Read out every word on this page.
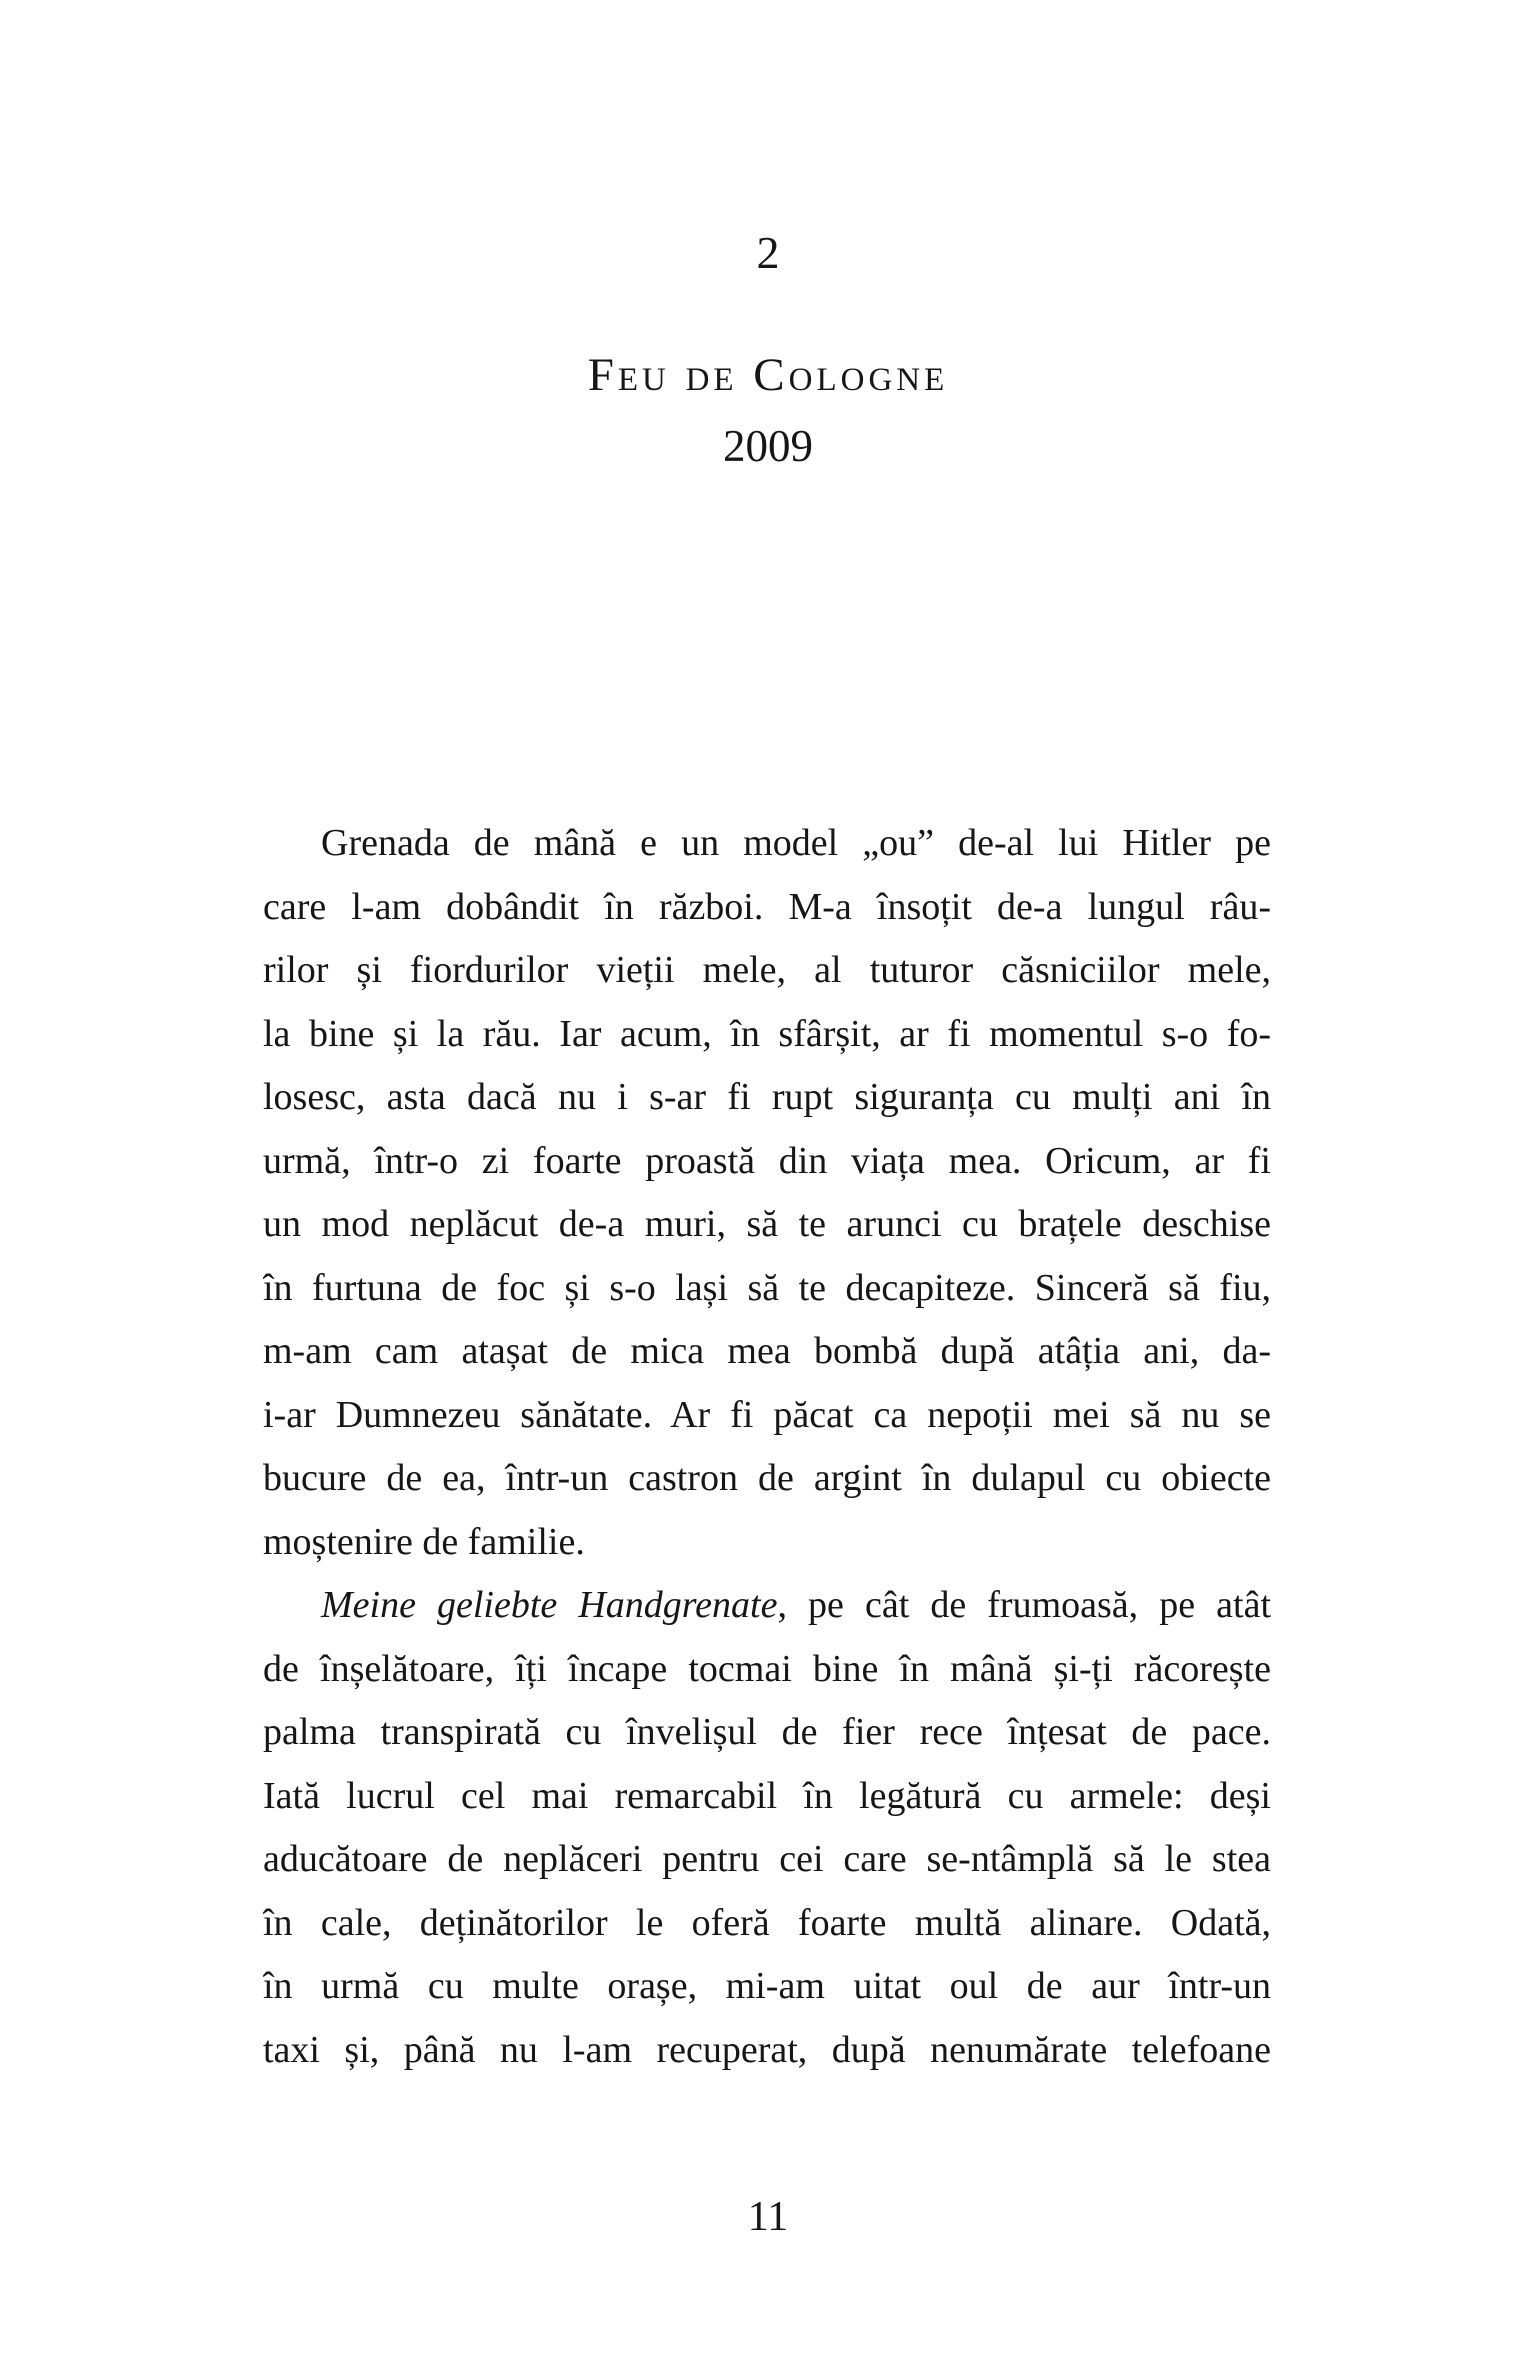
2
Feu de Cologne
2009
Grenada de mână e un model „ou” de-al lui Hitler pe
care l-am dobândit în război. M-a însoțit de-a lungul râu-
rilor și fiordurilor vieții mele, al tuturor căsniciilor mele,
la bine și la rău. Iar acum, în sfârșit, ar fi momentul s-o fo-
losesc, asta dacă nu i s-ar fi rupt siguranța cu mulți ani în
urmă, într-o zi foarte proastă din viața mea. Oricum, ar fi
un mod neplăcut de-a muri, să te arunci cu brațele deschise
în furtuna de foc și s-o lași să te decapiteze. Sinceră să fiu,
m-am cam atașat de mica mea bombă după atâția ani, da-
i-ar Dumnezeu sănătate. Ar fi păcat ca nepoții mei să nu se
bucure de ea, într-un castron de argint în dulapul cu obiecte
moștenire de familie.
Meine geliebte Handgrenate, pe cât de frumoasă, pe atât
de înșelătoare, îți încape tocmai bine în mână și-ți răcorește
palma transpirată cu învelișul de fier rece înțesat de pace.
Iată lucrul cel mai remarcabil în legătură cu armele: deși
aducătoare de neplăceri pentru cei care se-ntâmplă să le stea
în cale, deținătorilor le oferă foarte multă alinare. Odată,
în urmă cu multe orașe, mi-am uitat oul de aur într-un
taxi și, până nu l-am recuperat, după nenumărate telefoane
11
